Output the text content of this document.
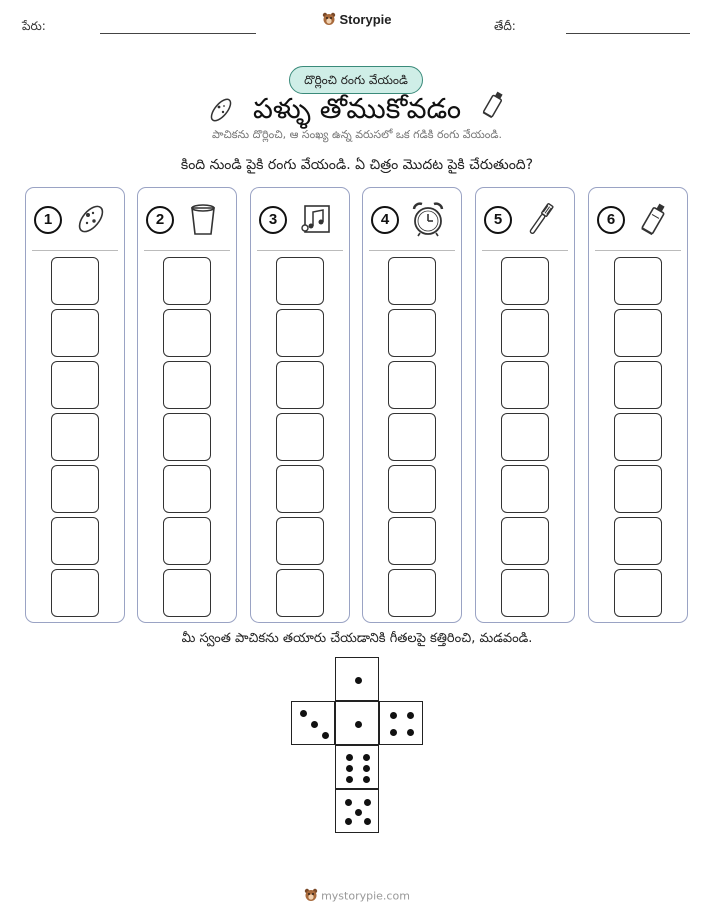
పేరు:	Storypie	తేదీ:
దొర్లించి రంగు వేయండి
పళ్ళు తోముకోవడం
పాచికను దొర్లించి, ఆ సంఖ్య ఉన్న వరుసలో ఒక గడికి రంగు వేయండి.
కింది నుండి పైకి రంగు వేయండి. ఏ చిత్రం మొదట పైకి చేరుతుంది?
1	2	3	4	5	6
మీ స్వంత పాచికను తయారు చేయడానికి గీతలపై కత్తిరించి, మడవండి.
mystorypie.com
